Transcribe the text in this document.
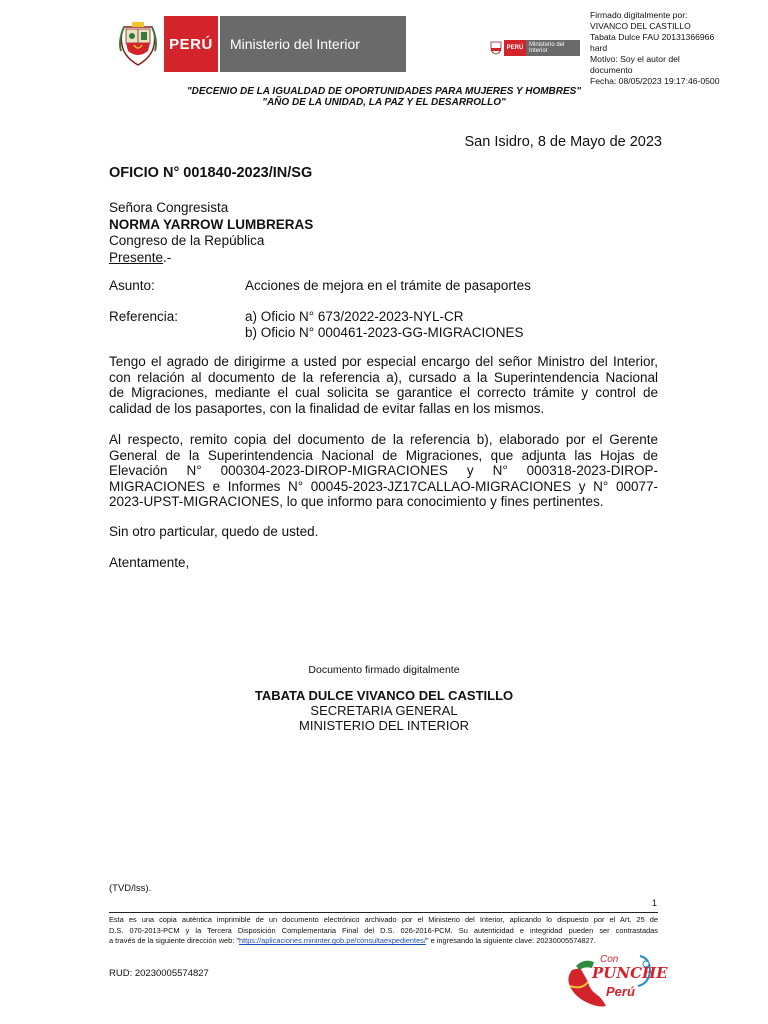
PERÚ	Ministerio del Interior	PERÚ Ministerio del Interior
Firmado digitalmente por:
VIVANCO DEL CASTILLO
Tabata Dulce FAU 20131366966
hard
Motivo: Soy el autor del
documento
Fecha: 08/05/2023 19:17:46-0500
"DECENIO DE LA IGUALDAD DE OPORTUNIDADES PARA MUJERES Y HOMBRES"
"AÑO DE LA UNIDAD, LA PAZ Y EL DESARROLLO"
San Isidro, 8 de Mayo de 2023
OFICIO N° 001840-2023/IN/SG
Señora Congresista
NORMA YARROW LUMBRERAS
Congreso de la República
Presente.-
Asunto:	Acciones de mejora en el trámite de pasaportes
Referencia:	a) Oficio N° 673/2022-2023-NYL-CR
b) Oficio N° 000461-2023-GG-MIGRACIONES
Tengo el agrado de dirigirme a usted por especial encargo del señor Ministro del Interior,
con relación al documento de la referencia a), cursado a la Superintendencia Nacional
de Migraciones, mediante el cual solicita se garantice el correcto trámite y control de
calidad de los pasaportes, con la finalidad de evitar fallas en los mismos.
Al respecto, remito copia del documento de la referencia b), elaborado por el Gerente
General de la Superintendencia Nacional de Migraciones, que adjunta las Hojas de
Elevación N° 000304-2023-DIROP-MIGRACIONES y N° 000318-2023-DIROP-
MIGRACIONES e Informes N° 00045-2023-JZ17CALLAO-MIGRACIONES y N° 00077-
2023-UPST-MIGRACIONES, lo que informo para conocimiento y fines pertinentes.
Sin otro particular, quedo de usted.
Atentamente,
Documento firmado digitalmente
TABATA DULCE VIVANCO DEL CASTILLO
SECRETARIA GENERAL
MINISTERIO DEL INTERIOR
(TVD/lss).
1
Esta es una copia auténtica imprimible de un documento electrónico archivado por el Ministerio del Interior, aplicando lo dispuesto por el Art. 25 de
D.S. 070-2013-PCM y la Tercera Disposición Complementaria Final del D.S. 026-2016-PCM. Su autenticidad e integridad pueden ser contrastadas
a través de la siguiente dirección web: "https://aplicaciones.mininter.gob.pe/consultaexpedientes/" e ingresando la siguiente clave: 20230005574827.
RUD: 20230005574827
Con
PUNCHE
Perú
